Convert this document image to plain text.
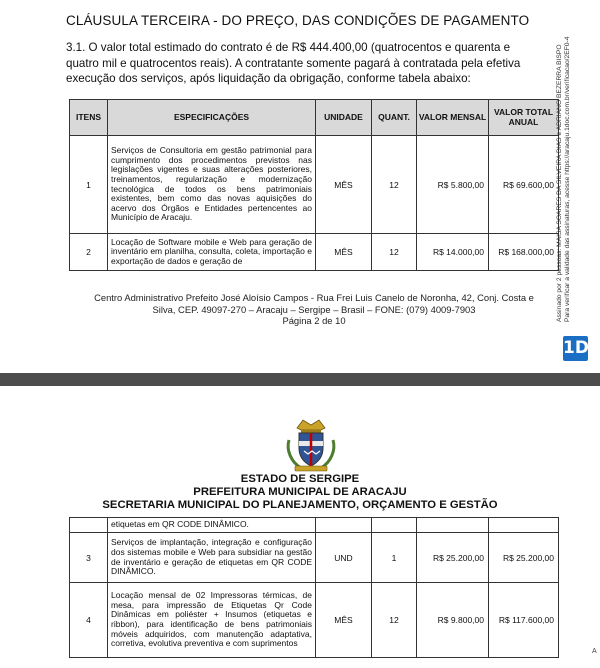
CLÁUSULA TERCEIRA - DO PREÇO, DAS CONDIÇÕES DE PAGAMENTO
3.1. O valor total estimado do contrato é de R$ 444.400,00 (quatrocentos e quarenta e quatro mil e quatrocentos reais). A contratante somente pagará à contratada pela efetiva execução dos serviços, após liquidação da obrigação, conforme tabela abaixo:
ITENS	ESPECIFICAÇÕES	UNIDADE	QUANT.	VALOR MENSAL	VALOR TOTAL ANUAL
1	Serviços de Consultoria em gestão patrimonial para cumprimento dos procedimentos previstos nas legislações vigentes e suas alterações posteriores, treinamentos, regularização e modernização tecnológica de todos os bens patrimoniais existentes, bem como das novas aquisições do acervo dos Órgãos e Entidades pertencentes ao Município de Aracaju.	MÊS	12	R$ 5.800,00	R$ 69.600,00
2	Locação de Software mobile e Web para geração de inventário em planilha, consulta, coleta, importação e exportação de dados e geração de	MÊS	12	R$ 14.000,00	R$ 168.000,00
Centro Administrativo Prefeito José Aloísio Campos - Rua Frei Luis Canelo de Noronha, 42, Conj. Costa e
Silva, CEP. 49097-270 – Aracaju – Sergipe – Brasil – FONE: (079) 4009-7903
Página 2 de 10	Assinado por 2 pessoas: MAISA SOARES DA SILVEIRA DIAS e ADRIANO BEZERRA BISPO Para verificar a validade das assinaturas, acesse https://aracaju.1doc.com.br/verificacao/2EF0-4
1D
ESTADO DE SERGIPE
PREFEITURA MUNICIPAL DE ARACAJU
SECRETARIA MUNICIPAL DO PLANEJAMENTO, ORÇAMENTO E GESTÃO
	etiquetas em QR CODE DINÂMICO.				
3	Serviços de implantação, integração e configuração dos sistemas mobile e Web para subsidiar na gestão de inventário e geração de etiquetas em QR CODE DINÂMICO.	UND	1	R$ 25.200,00	R$ 25.200,00
4	Locação mensal de 02 Impressoras térmicas, de mesa, para impressão de Etiquetas Qr Code Dinâmicas em poliéster + Insumos (etiquetas e ribbon), para identificação de bens patrimoniais móveis adquiridos, com manutenção adaptativa, corretiva, evolutiva preventiva e com suprimentos	MÊS	12	R$ 9.800,00	R$ 117.600,00
A
